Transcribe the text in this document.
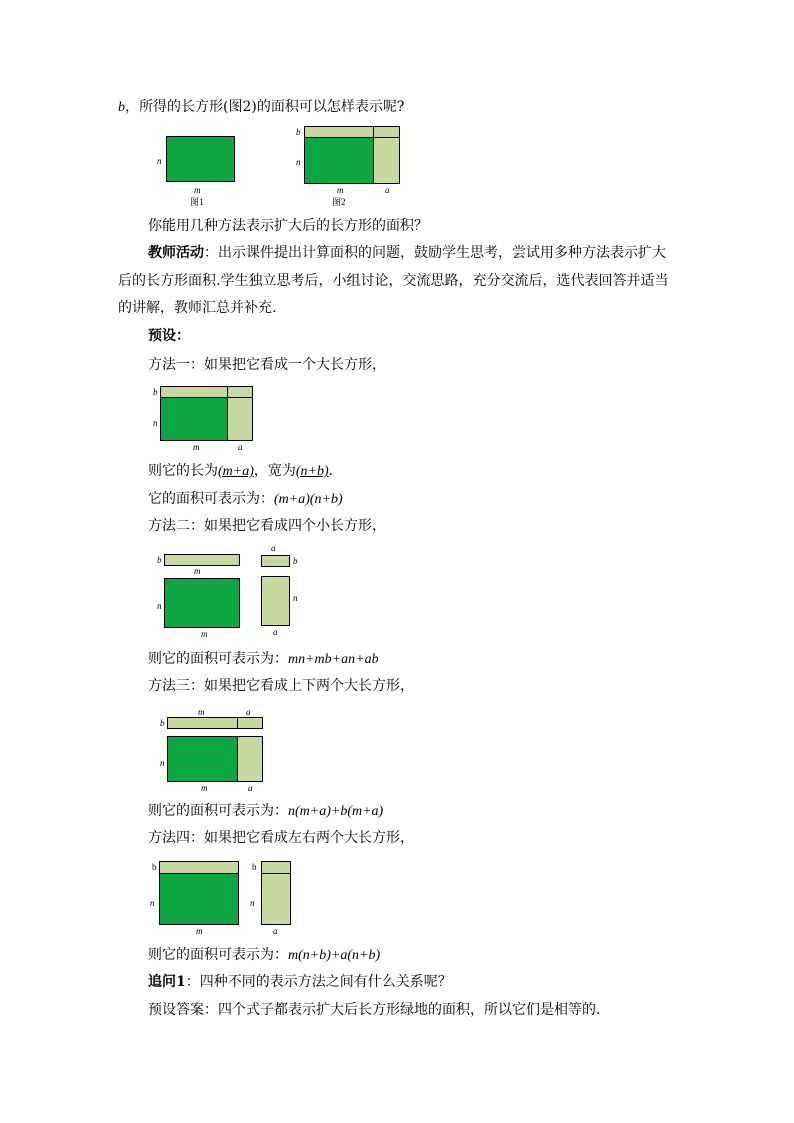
b，所得的长方形(图2)的面积可以怎样表示呢?
n
m
图1
b
n
m	a
图2
你能用几种方法表示扩大后的长方形的面积？
教师活动：出示课件提出计算面积的问题，鼓励学生思考，尝试用多种方法表示扩大
后的长方形面积.学生独立思考后，小组讨论，交流思路，充分交流后，选代表回答并适当
的讲解，教师汇总并补充.
预设：
方法一：如果把它看成一个大长方形，
b
n
m	a
则它的长为(m+a)，宽为(n+b).
它的面积可表示为：(m+a)(n+b)
方法二：如果把它看成四个小长方形，
b
m
n
m
a
b
n
a
则它的面积可表示为：mn+mb+an+ab
方法三：如果把它看成上下两个大长方形，
m	a
b
n
m	a
则它的面积可表示为：n(m+a)+b(m+a)
方法四：如果把它看成左右两个大长方形，
b
n
m
b
n
a
则它的面积可表示为：m(n+b)+a(n+b)
追问1：四种不同的表示方法之间有什么关系呢？
预设答案：四个式子都表示扩大后长方形绿地的面积，所以它们是相等的.
